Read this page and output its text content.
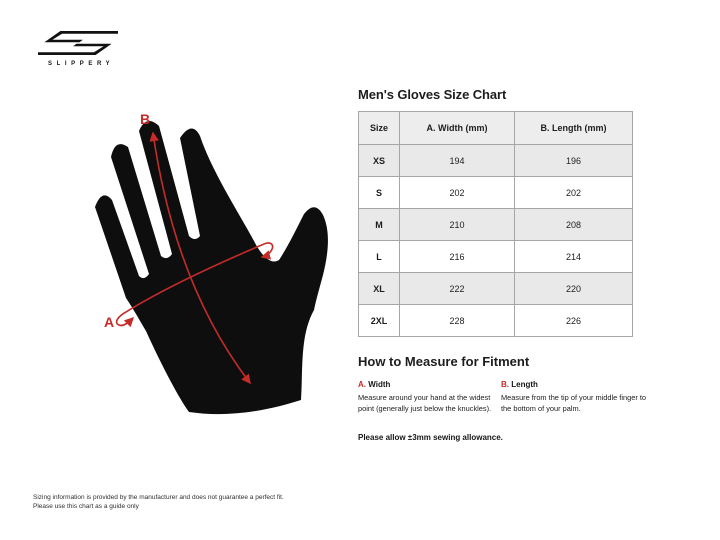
SLIPPERY
B
A
Men's Gloves Size Chart
Size	A. Width (mm)	B. Length (mm)
XS	194	196
S	202	202
M	210	208
L	216	214
XL	222	220
2XL	228	226
How to Measure for Fitment
A. Width
Measure around your hand at the widest point (generally just below the knuckles).
B. Length
Measure from the tip of your middle finger to the bottom of your palm.
Please allow ±3mm sewing allowance.
Sizing information is provided by the manufacturer and does not guarantee a perfect fit.
Please use this chart as a guide only
